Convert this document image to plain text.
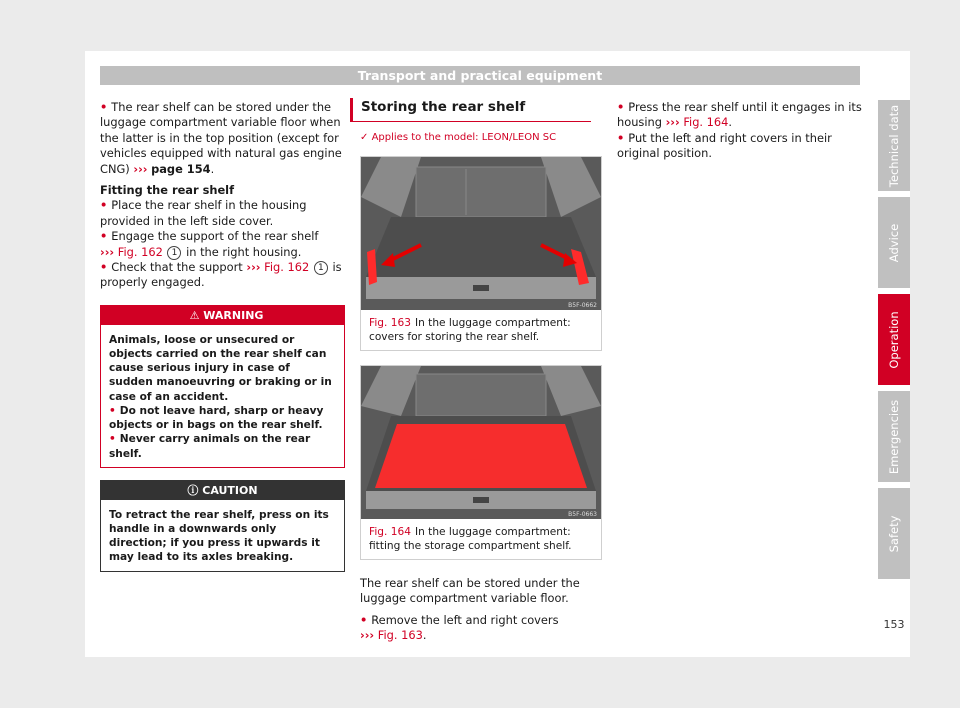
Transport and practical equipment

• The rear shelf can be stored under the luggage compartment variable floor when the latter is in the top position (except for vehicles equipped with natural gas engine CNG) ››› page 154.

Fitting the rear shelf
• Place the rear shelf in the housing provided in the left side cover.
• Engage the support of the rear shelf
››› Fig. 162 1 in the right housing.
• Check that the support ››› Fig. 162 1 is properly engaged.
⚠ WARNING
Animals, loose or unsecured or objects carried on the rear shelf can cause serious injury in case of sudden manoeuvring or braking or in case of an accident.
• Do not leave hard, sharp or heavy objects or in bags on the rear shelf.
• Never carry animals on the rear shelf.
ⓘ CAUTION
To retract the rear shelf, press on its handle in a downwards only direction; if you press it upwards it may lead to its axles breaking.
Storing the rear shelf
✓ Applies to the model: LEON/LEON SC
B5F-0662
Fig. 163 In the luggage compartment: covers for storing the rear shelf.
B5F-0663
Fig. 164 In the luggage compartment: fitting the storage compartment shelf.

The rear shelf can be stored under the luggage compartment variable floor.

• Remove the left and right covers
››› Fig. 163.
• Press the rear shelf until it engages in its housing ››› Fig. 164.
• Put the left and right covers in their original position.	Technical data
Advice
Operation
Emergencies
Safety
153
